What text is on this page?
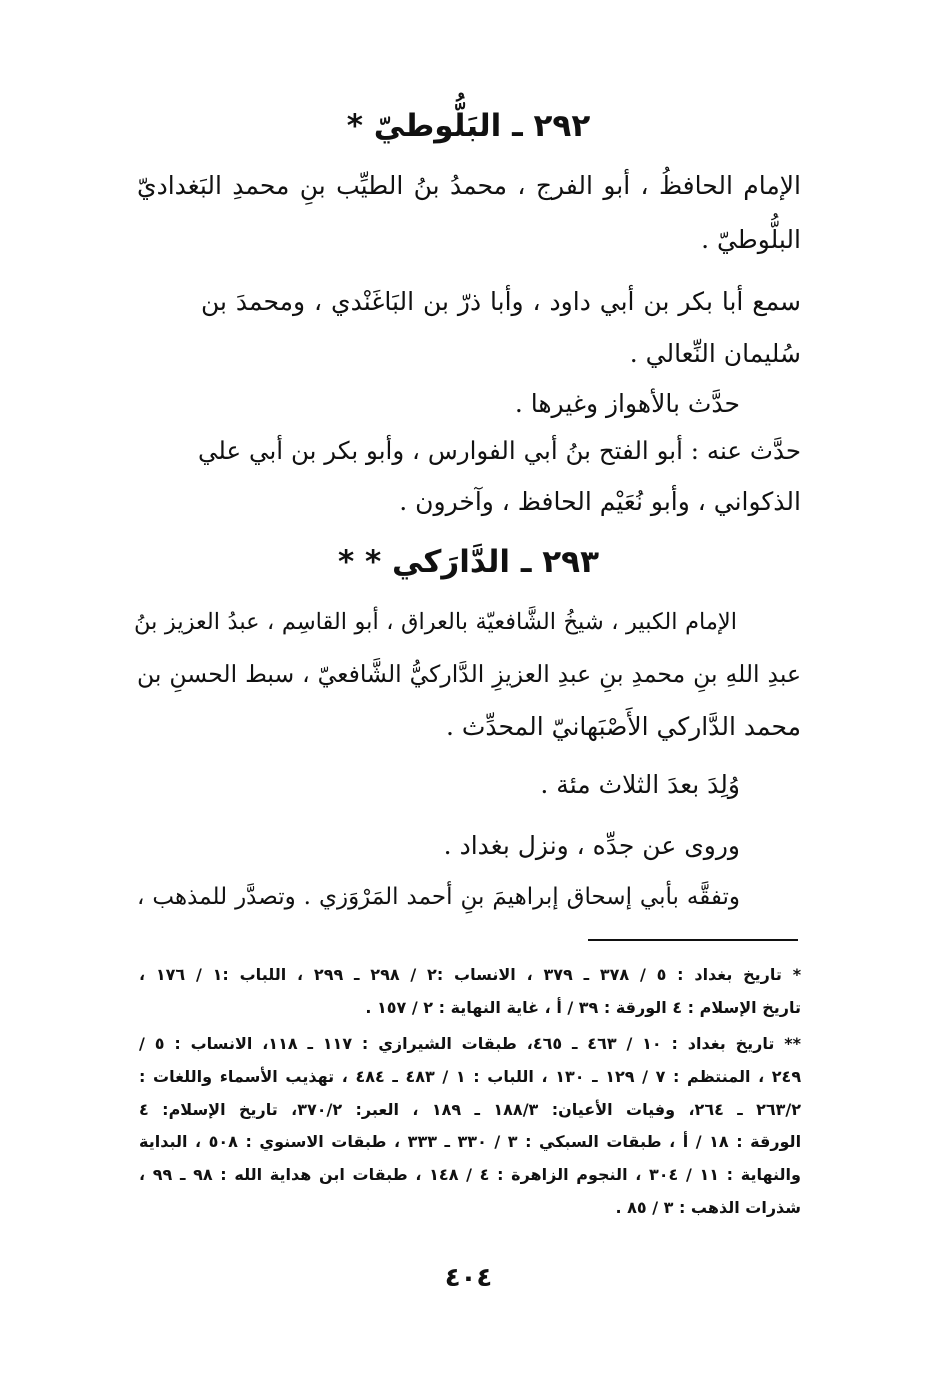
٢٩٢ ـ البَلُّوطيّ *

الإمام الحافظُ ، أبو الفرج ، محمدُ بنُ الطيِّب بنِ محمدِ البَغداديّ

البلُّوطيّ .

سمع أبا بكر بن أبي داود ، وأبا ذرّ بن البَاغَنْدي ، ومحمدَ بن

سُليمان النِّعالي .

حدَّث بالأهواز وغيرها .

حدَّث عنه : أبو الفتح بنُ أبي الفوارس ، وأبو بكر بن أبي علي

الذكواني ، وأبو نُعَيْم الحافظ ، وآخرون .

٢٩٣ ـ الدَّارَكي * *

الإمام الكبير ، شيخُ الشَّافعيّة بالعراق ، أبو القاسِم ، عبدُ العزيز بنُ

عبدِ اللهِ بنِ محمدِ بنِ عبدِ العزيزِ الدَّاركيُّ الشَّافعيّ ، سبط الحسنِ بن

محمد الدَّاركي الأَصْبَهانيّ المحدِّث .

وُلِدَ بعدَ الثلاث مئة .

وروى عن جدِّه ، ونزل بغداد .

وتفقَّه بأبي إسحاق إبراهيمَ بنِ أحمد المَرْوَزي . وتصدَّر للمذهب ،

* تاريخ بغداد : ٥ / ٣٧٨ ـ ٣٧٩ ، الانساب :٢ / ٢٩٨ ـ ٢٩٩ ، اللباب :١ / ١٧٦ ،

تاريخ الإسلام : ٤ الورقة : ٣٩ / أ ، غاية النهاية : ٢ / ١٥٧ .

** تاريخ بغداد : ١٠ / ٤٦٣ ـ ٤٦٥، طبقات الشيرازي : ١١٧ ـ ١١٨، الانساب : ٥ /

٢٤٩ ، المنتظم : ٧ / ١٢٩ ـ ١٣٠ ، اللباب : ١ / ٤٨٣ ـ ٤٨٤ ، تهذيب الأسماء واللغات :

٢٦٣/٢ ـ ٢٦٤، وفيات الأعيان: ١٨٨/٣ ـ ١٨٩ ، العبر: ٣٧٠/٢، تاريخ الإسلام: ٤

الورقة : ١٨ / أ ، طبقات السبكي : ٣ / ٣٣٠ ـ ٣٣٣ ، طبقات الاسنوي : ٥٠٨ ، البداية

والنهاية : ١١ / ٣٠٤ ، النجوم الزاهرة : ٤ / ١٤٨ ، طبقات ابن هداية الله : ٩٨ ـ ٩٩ ،

شذرات الذهب : ٣ / ٨٥ .

٤٠٤
